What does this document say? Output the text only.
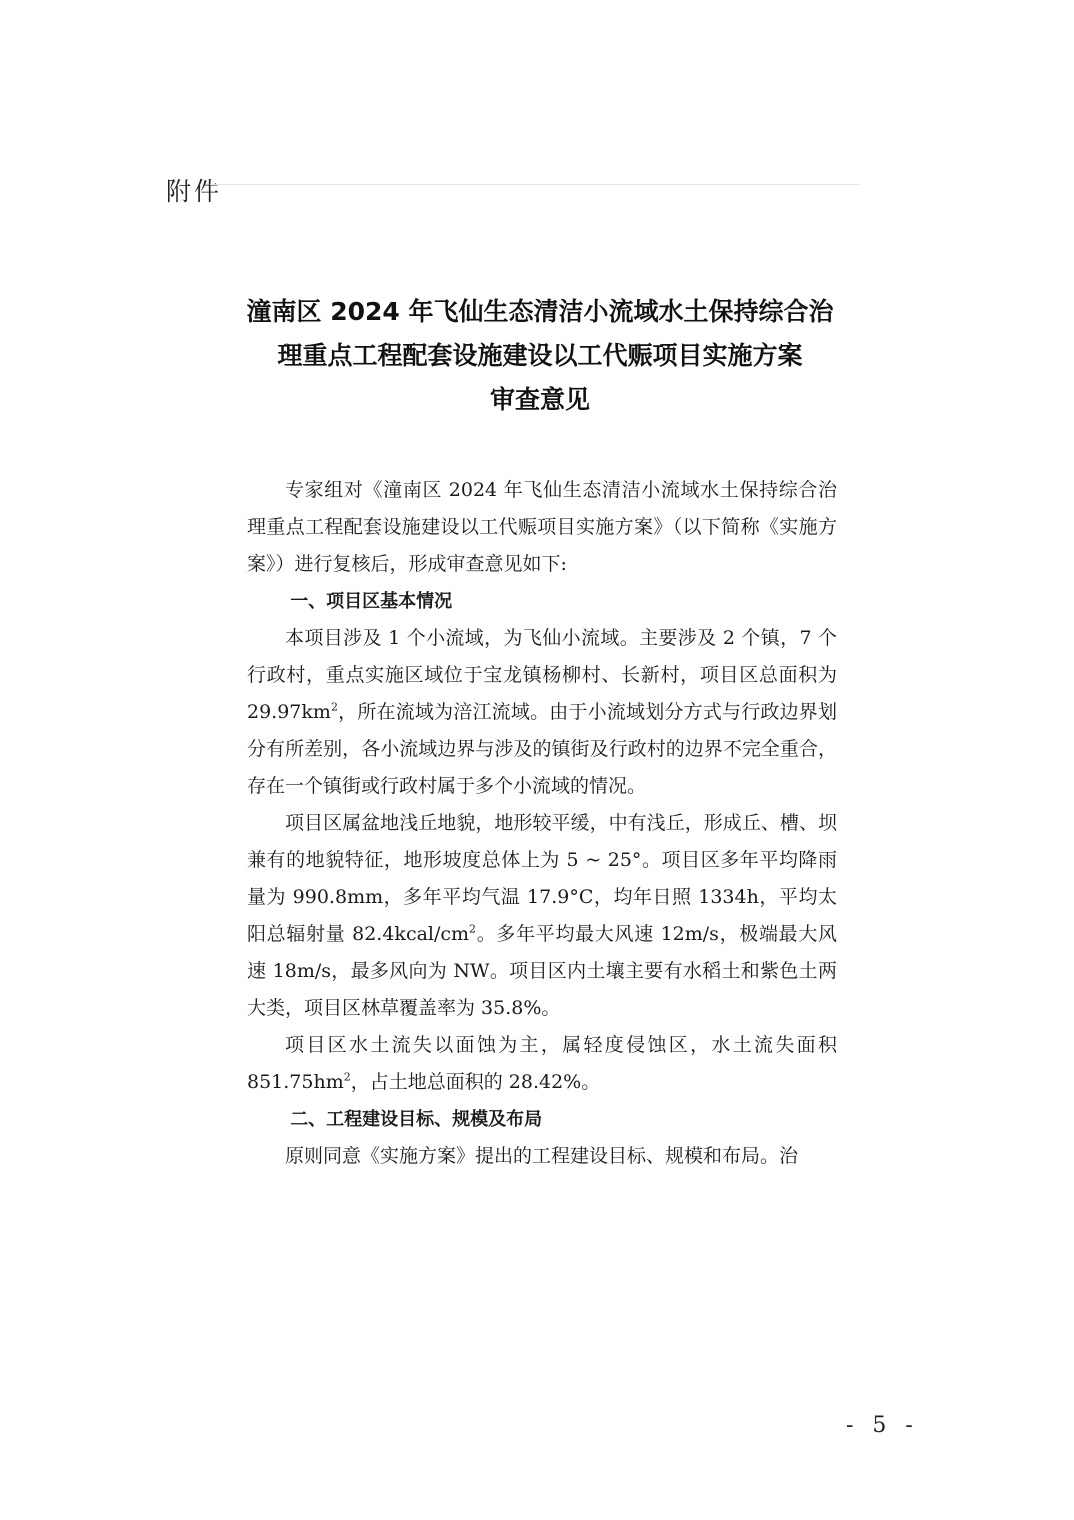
附件
潼南区 2024 年飞仙生态清洁小流域水土保持综合治
理重点工程配套设施建设以工代赈项目实施方案
审查意见

专家组对《潼南区 2024 年飞仙生态清洁小流域水土保持综合治理重点工程配套设施建设以工代赈项目实施方案》（以下简称《实施方案》）进行复核后，形成审查意见如下:

一、项目区基本情况

本项目涉及 1 个小流域，为飞仙小流域。主要涉及 2 个镇，7 个行政村，重点实施区域位于宝龙镇杨柳村、长新村，项目区总面积为 $29.97km^2$，所在流域为涪江流域。由于小流域划分方式与行政边界划分有所差别，各小流域边界与涉及的镇街及行政村的边界不完全重合，存在一个镇街或行政村属于多个小流域的情况。

项目区属盆地浅丘地貌，地形较平缓，中有浅丘，形成丘、槽、坝兼有的地貌特征，地形坡度总体上为 5 ~ 25°。项目区多年平均降雨量为 990.8mm，多年平均气温 17.9°C，均年日照 1334h，平均太阳总辐射量 $82.4kcal/cm^2$。多年平均最大风速 12m/s，极端最大风速 18m/s，最多风向为 NW。项目区内土壤主要有水稻土和紫色土两大类，项目区林草覆盖率为 35.8%。

项目区水土流失以面蚀为主，属轻度侵蚀区，水土流失面积 $851.75hm^2$，占土地总面积的 28.42%。

二、工程建设目标、规模及布局

原则同意《实施方案》提出的工程建设目标、规模和布局。治

- 5 -
